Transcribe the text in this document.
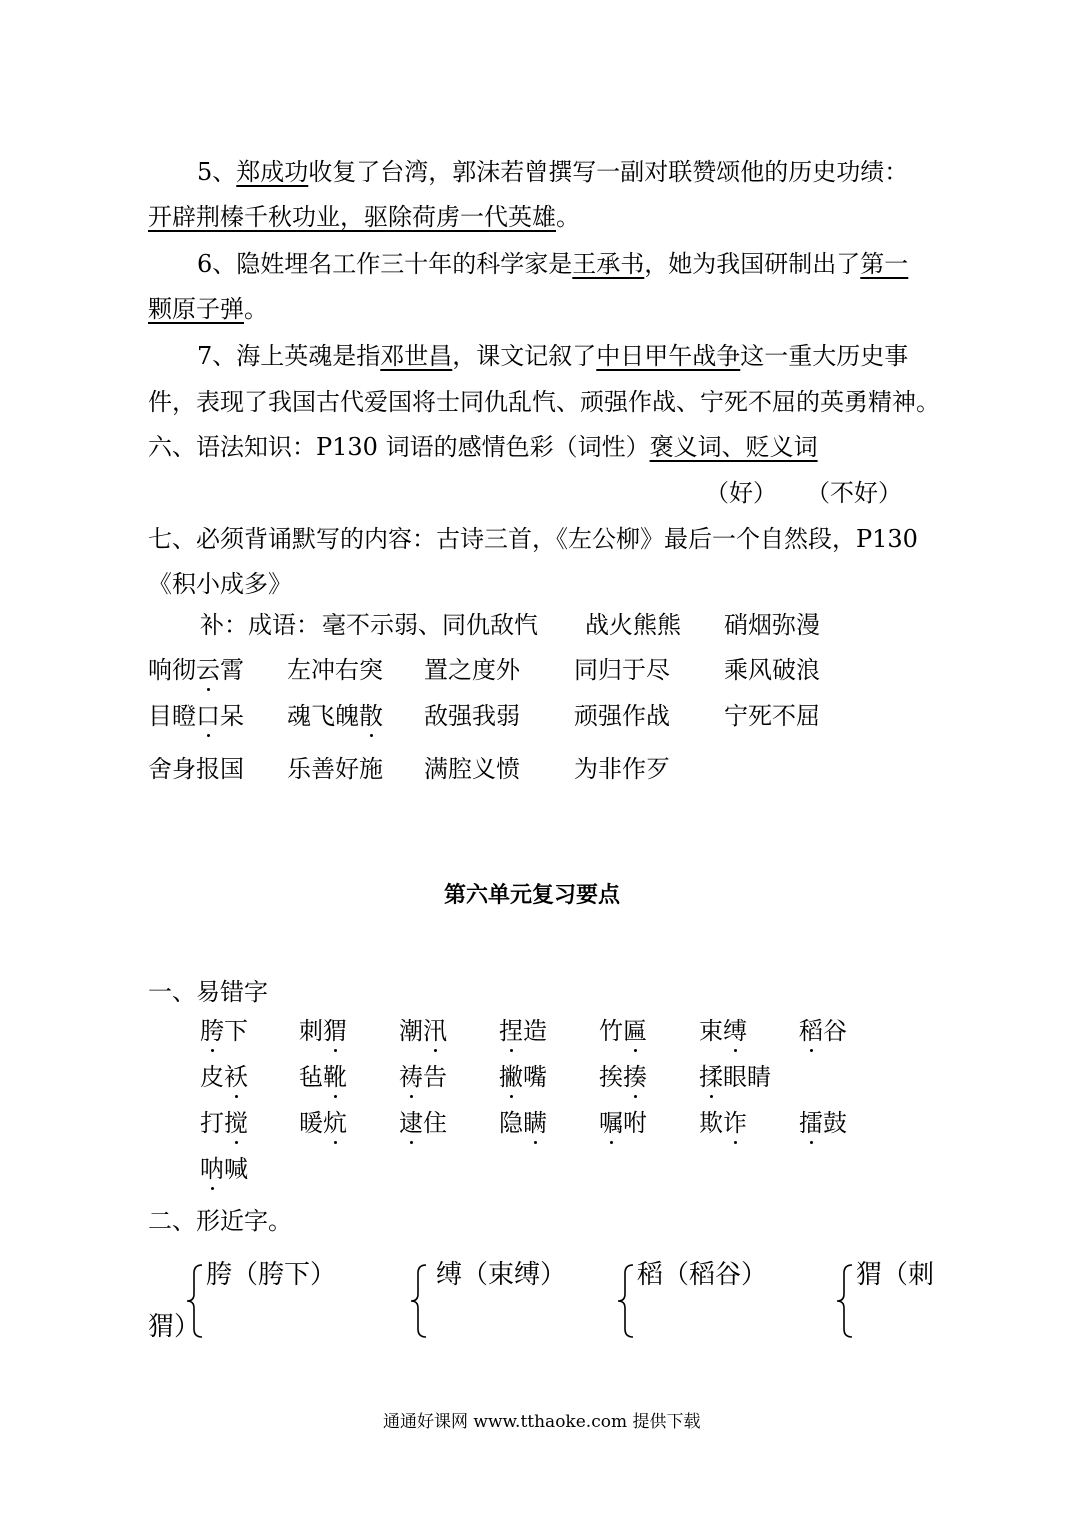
5、郑成功收复了台湾，郭沫若曾撰写一副对联赞颂他的历史功绩：
开辟荆榛千秋功业，驱除荷虏一代英雄。
6、隐姓埋名工作三十年的科学家是王承书，她为我国研制出了第一
颗原子弹。
7、海上英魂是指邓世昌，课文记叙了中日甲午战争这一重大历史事
件，表现了我国古代爱国将士同仇乱忾、顽强作战、宁死不屈的英勇精神。
六、语法知识：P130 词语的感情色彩（词性）褒义词、贬义词
（好） （不好）
七、必须背诵默写的内容：古诗三首，《左公柳》最后一个自然段，P130
《积小成多》
补：成语： 毫不示弱、同仇敌忾 战火熊熊 硝烟弥漫
响彻云霄 左冲右突 置之度外 同归于尽 乘风破浪
目瞪口呆 魂飞魄散 敌强我弱 顽强作战 宁死不屈
舍身报国 乐善好施 满腔义愤 为非作歹
第六单元复习要点
一、易错字
胯下 刺猬 潮汛 捏造 竹匾 束缚 稻谷
皮袄 毡靴 祷告 撇嘴 挨揍 揉眼睛
打搅 暖炕 逮住 隐瞒 嘱咐 欺诈 擂鼓
呐喊
二、形近字。
胯（胯下）	缚（束缚）	稻（稻谷）	猬（刺
猬）
通通好课网 www.tthaoke.com 提供下载
